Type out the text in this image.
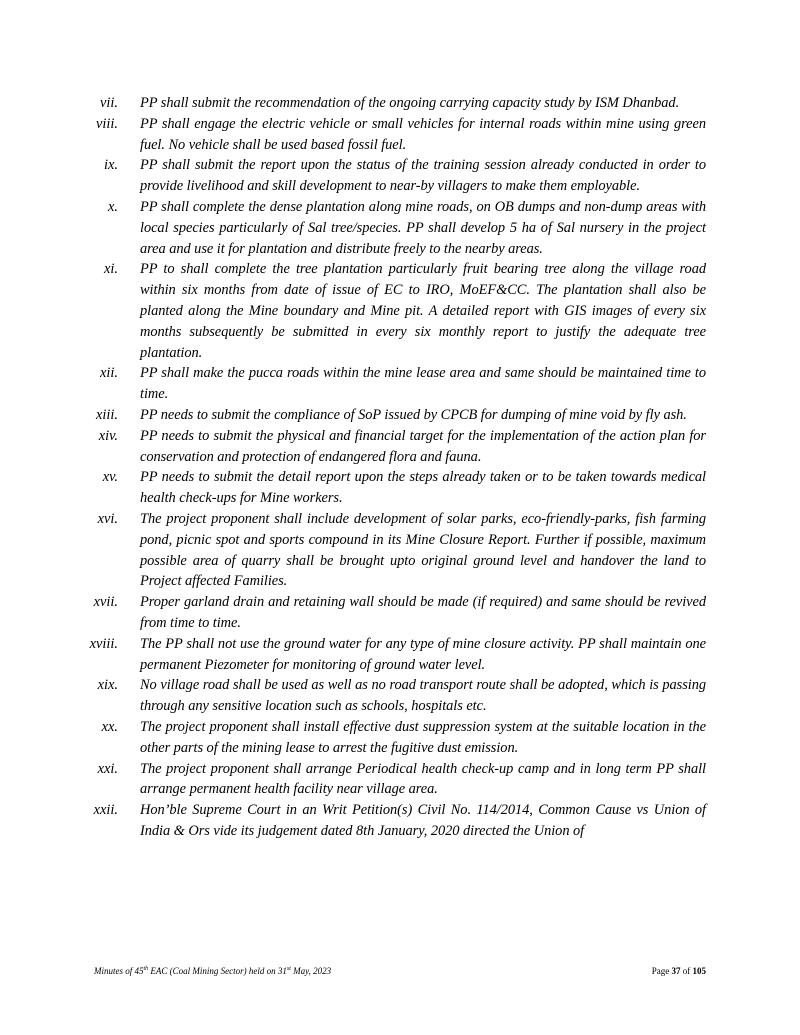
vii.	PP shall submit the recommendation of the ongoing carrying capacity study by ISM Dhanbad.
viii.	PP shall engage the electric vehicle or small vehicles for internal roads within mine using green fuel. No vehicle shall be used based fossil fuel.
ix.	PP shall submit the report upon the status of the training session already conducted in order to provide livelihood and skill development to near-by villagers to make them employable.
x.	PP shall complete the dense plantation along mine roads, on OB dumps and non-dump areas with local species particularly of Sal tree/species. PP shall develop 5 ha of Sal nursery in the project area and use it for plantation and distribute freely to the nearby areas.
xi.	PP to shall complete the tree plantation particularly fruit bearing tree along the village road within six months from date of issue of EC to IRO, MoEF&CC. The plantation shall also be planted along the Mine boundary and Mine pit. A detailed report with GIS images of every six months subsequently be submitted in every six monthly report to justify the adequate tree plantation.
xii.	PP shall make the pucca roads within the mine lease area and same should be maintained time to time.
xiii.	PP needs to submit the compliance of SoP issued by CPCB for dumping of mine void by fly ash.
xiv.	PP needs to submit the physical and financial target for the implementation of the action plan for conservation and protection of endangered flora and fauna.
xv.	PP needs to submit the detail report upon the steps already taken or to be taken towards medical health check-ups for Mine workers.
xvi.	The project proponent shall include development of solar parks, eco-friendly-parks, fish farming pond, picnic spot and sports compound in its Mine Closure Report. Further if possible, maximum possible area of quarry shall be brought upto original ground level and handover the land to Project affected Families.
xvii.	Proper garland drain and retaining wall should be made (if required) and same should be revived from time to time.
xviii.	The PP shall not use the ground water for any type of mine closure activity. PP shall maintain one permanent Piezometer for monitoring of ground water level.
xix.	No village road shall be used as well as no road transport route shall be adopted, which is passing through any sensitive location such as schools, hospitals etc.
xx.	The project proponent shall install effective dust suppression system at the suitable location in the other parts of the mining lease to arrest the fugitive dust emission.
xxi.	The project proponent shall arrange Periodical health check-up camp and in long term PP shall arrange permanent health facility near village area.
xxii.	Hon’ble Supreme Court in an Writ Petition(s) Civil No. 114/2014, Common Cause vs Union of India & Ors vide its judgement dated 8th January, 2020 directed the Union of
Minutes of 45th EAC (Coal Mining Sector) held on 31st May, 2023	Page 37 of 105
